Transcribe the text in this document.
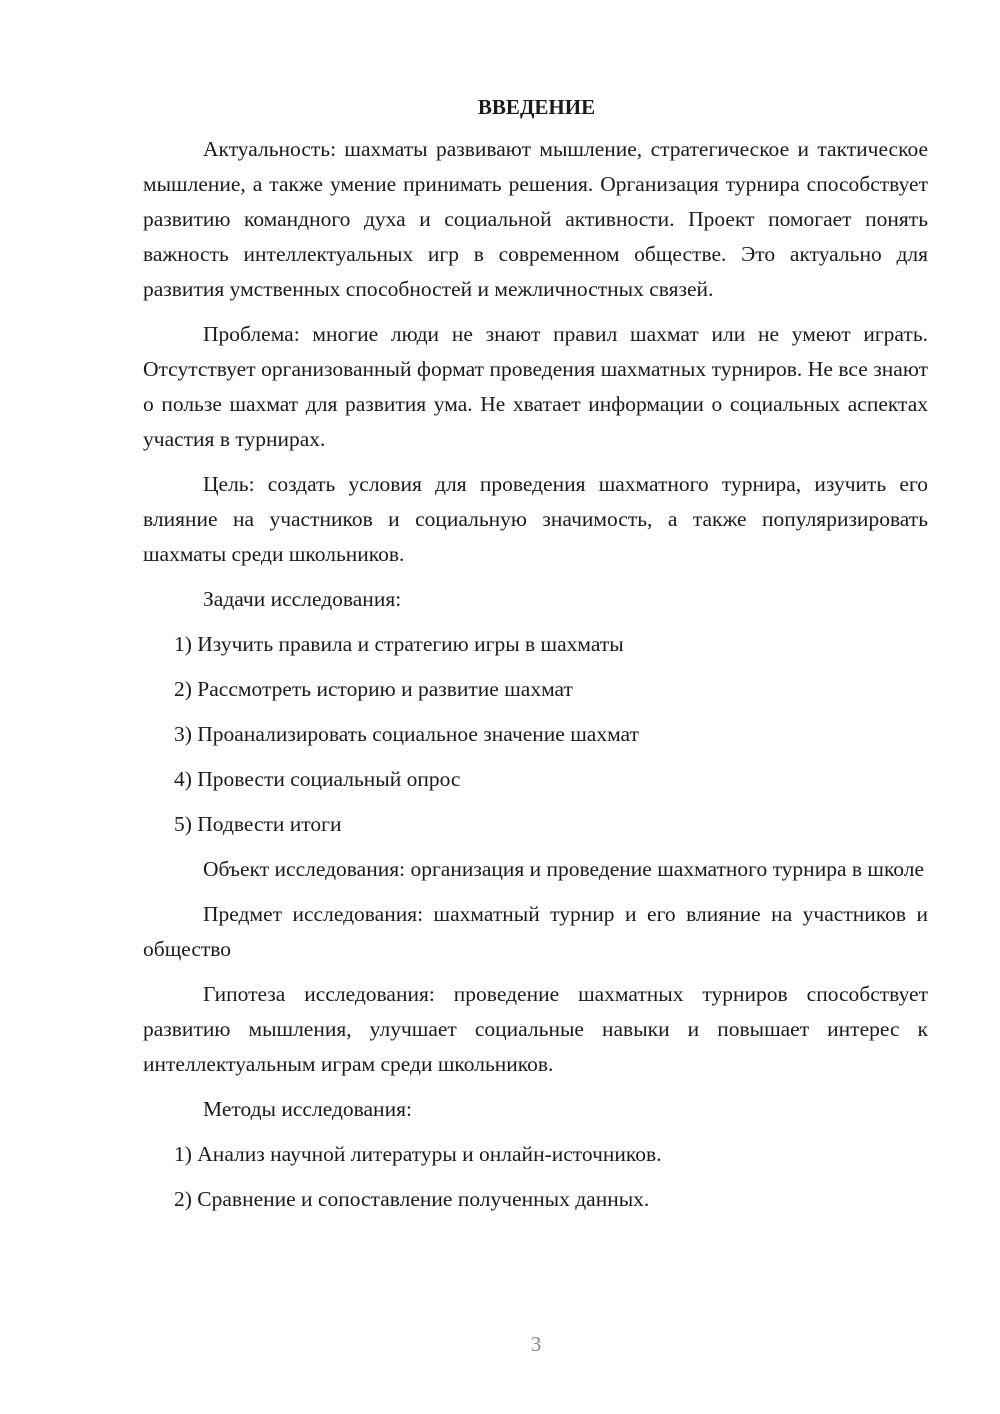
ВВЕДЕНИЕ

Актуальность: шахматы развивают мышление, стратегическое и тактическое мышление, а также умение принимать решения. Организация турнира способствует развитию командного духа и социальной активности. Проект помогает понять важность интеллектуальных игр в современном обществе. Это актуально для развития умственных способностей и межличностных связей.

Проблема: многие люди не знают правил шахмат или не умеют играть. Отсутствует организованный формат проведения шахматных турниров. Не все знают о пользе шахмат для развития ума. Не хватает информации о социальных аспектах участия в турнирах.

Цель: создать условия для проведения шахматного турнира, изучить его влияние на участников и социальную значимость, а также популяризировать шахматы среди школьников.

Задачи исследования:

1) Изучить правила и стратегию игры в шахматы

2) Рассмотреть историю и развитие шахмат

3) Проанализировать социальное значение шахмат

4) Провести социальный опрос

5) Подвести итоги

Объект исследования: организация и проведение шахматного турнира в школе

Предмет исследования: шахматный турнир и его влияние на участников и общество

Гипотеза исследования: проведение шахматных турниров способствует развитию мышления, улучшает социальные навыки и повышает интерес к интеллектуальным играм среди школьников.

Методы исследования:

1) Анализ научной литературы и онлайн-источников.

2) Сравнение и сопоставление полученных данных.

3
